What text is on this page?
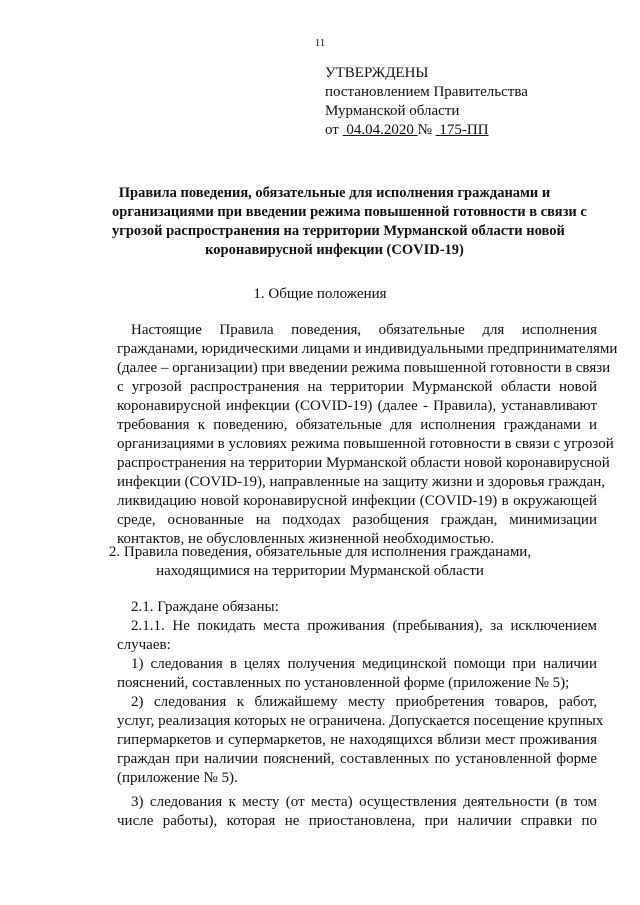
11
УТВЕРЖДЕНЫ
постановлением Правительства
Мурманской области
от 04.04.2020 № 175-ПП
Правила поведения, обязательные для исполнения гражданами и
организациями при введении режима повышенной готовности в связи с
угрозой распространения на территории Мурманской области новой
коронавирусной инфекции (COVID-19)
1. Общие положения
Настоящие Правила поведения, обязательные для исполнения
гражданами, юридическими лицами и индивидуальными предпринимателями
(далее – организации) при введении режима повышенной готовности в связи
с угрозой распространения на территории Мурманской области новой
коронавирусной инфекции (COVID-19) (далее - Правила), устанавливают
требования к поведению, обязательные для исполнения гражданами и
организациями в условиях режима повышенной готовности в связи с угрозой
распространения на территории Мурманской области новой коронавирусной
инфекции (COVID-19), направленные на защиту жизни и здоровья граждан,
ликвидацию новой коронавирусной инфекции (COVID-19) в окружающей
среде, основанные на подходах разобщения граждан, минимизации
контактов, не обусловленных жизненной необходимостью.
2. Правила поведения, обязательные для исполнения гражданами,
находящимися на территории Мурманской области
2.1. Граждане обязаны:
2.1.1. Не покидать места проживания (пребывания), за исключением
случаев:
1) следования в целях получения медицинской помощи при наличии
пояснений, составленных по установленной форме (приложение № 5);
2) следования к ближайшему месту приобретения товаров, работ,
услуг, реализация которых не ограничена. Допускается посещение крупных
гипермаркетов и супермаркетов, не находящихся вблизи мест проживания
граждан при наличии пояснений, составленных по установленной форме
(приложение № 5).
3) следования к месту (от места) осуществления деятельности (в том
числе работы), которая не приостановлена, при наличии справки по
